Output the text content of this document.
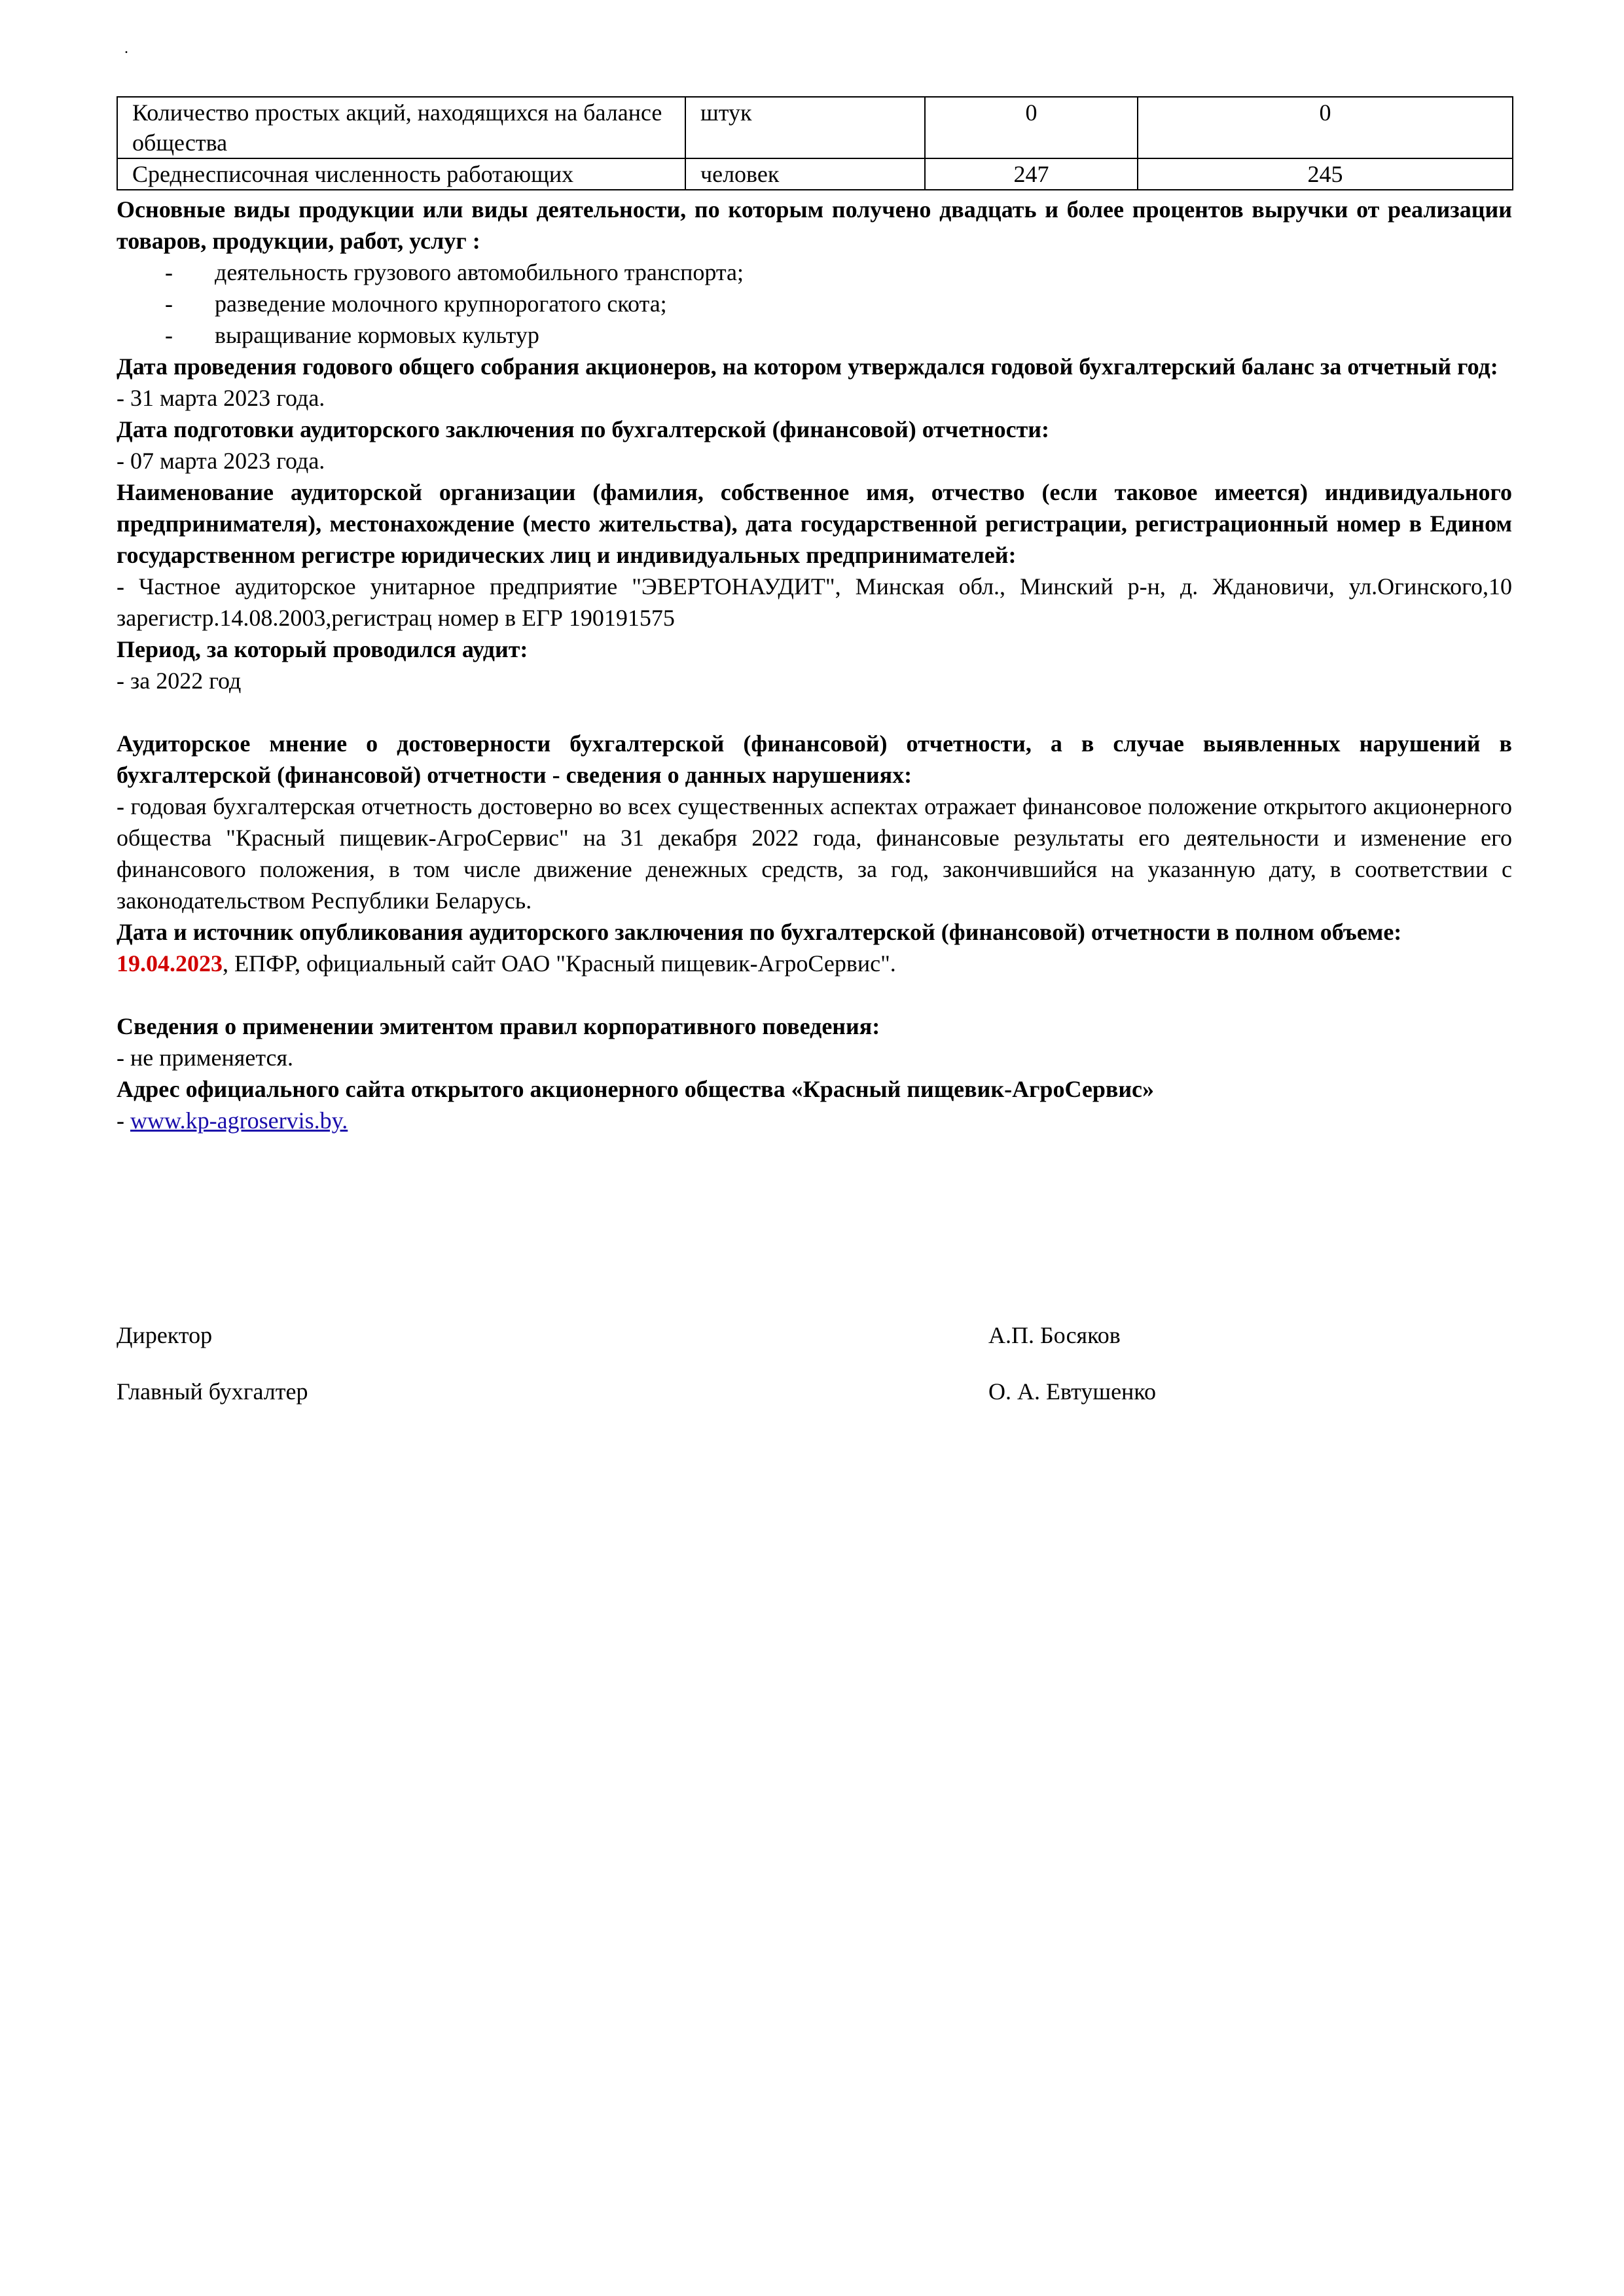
.
Количество простых акций, находящихся на балансе общества	штук	0	0
Среднесписочная численность работающих	человек	247	245

Основные виды продукции или виды деятельности, по которым получено двадцать и более процентов выручки от реализации товаров, продукции, работ, услуг :

- деятельность грузового автомобильного транспорта;
- разведение молочного крупнорогатого скота;
- выращивание кормовых культур

Дата проведения годового общего собрания акционеров, на котором утверждался годовой бухгалтерский баланс за отчетный год:

- 31 марта 2023 года.

Дата подготовки аудиторского заключения по бухгалтерской (финансовой) отчетности:

- 07 марта 2023 года.

Наименование аудиторской организации (фамилия, собственное имя, отчество (если таковое имеется) индивидуального предпринимателя), местонахождение (место жительства), дата государственной регистрации, регистрационный номер в Едином государственном регистре юридических лиц и индивидуальных предпринимателей:

- Частное аудиторское унитарное предприятие "ЭВЕРТОНАУДИТ", Минская обл., Минский р-н, д. Ждановичи, ул.Огинского,10 зарегистр.14.08.2003,регистрац номер в ЕГР 190191575

Период, за который проводился аудит:

- за 2022 год

Аудиторское мнение о достоверности бухгалтерской (финансовой) отчетности, а в случае выявленных нарушений в бухгалтерской (финансовой) отчетности - сведения о данных нарушениях:

- годовая бухгалтерская отчетность достоверно во всех существенных аспектах отражает финансовое положение открытого акционерного общества "Красный пищевик-АгроСервис" на 31 декабря 2022 года, финансовые результаты его деятельности и изменение его финансового положения, в том числе движение денежных средств, за год, закончившийся на указанную дату, в соответствии с законодательством Республики Беларусь.

Дата и источник опубликования аудиторского заключения по бухгалтерской (финансовой) отчетности в полном объеме:

19.04.2023, ЕПФР, официальный сайт ОАО "Красный пищевик-АгроСервис".

Сведения о применении эмитентом правил корпоративного поведения:

- не применяется.

Адрес официального сайта открытого акционерного общества «Красный пищевик-АгроСервис»

- www.kp-agroservis.by.

Директор	А.П. Босяков
Главный бухгалтер	О. А. Евтушенко
